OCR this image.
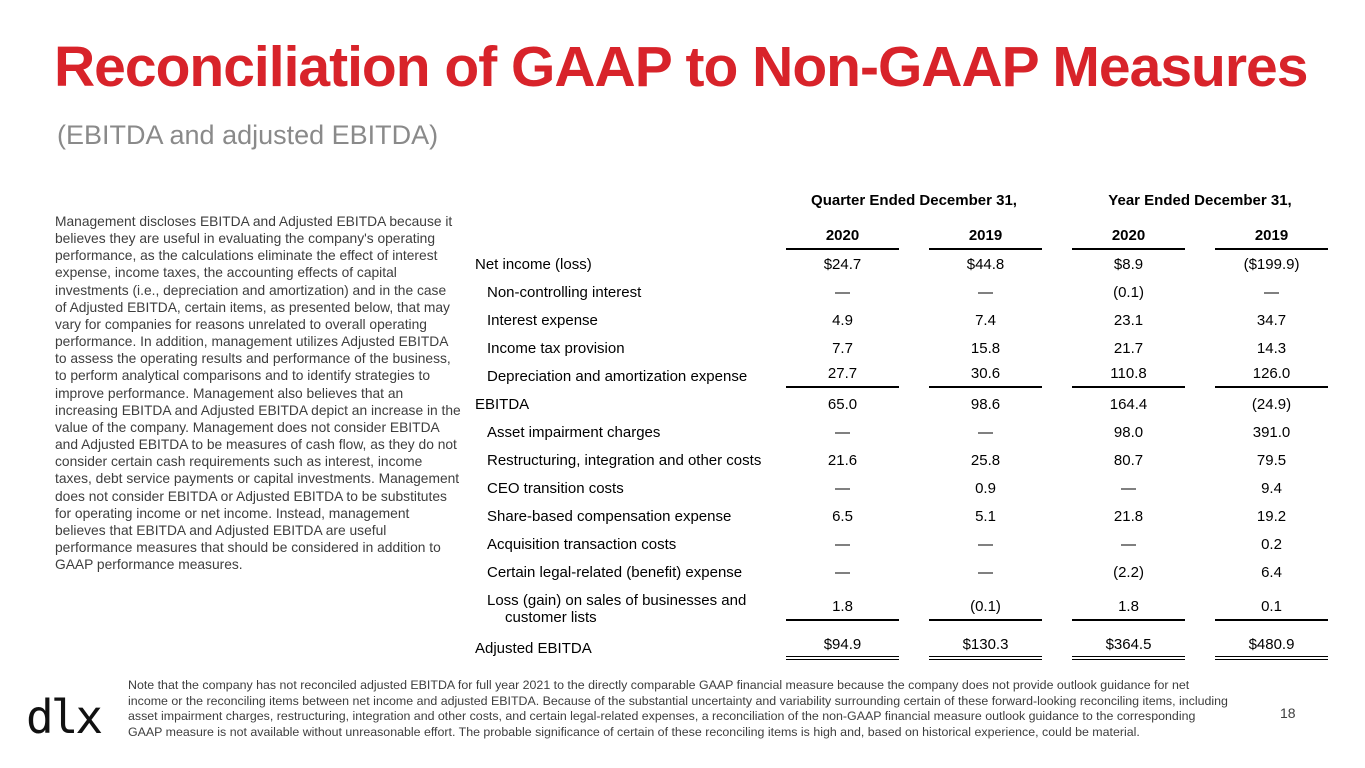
Reconciliation of GAAP to Non-GAAP Measures
(EBITDA and adjusted EBITDA)
Management discloses EBITDA and Adjusted EBITDA because it believes they are useful in evaluating the company's operating performance, as the calculations eliminate the effect of interest expense, income taxes, the accounting effects of capital investments (i.e., depreciation and amortization) and in the case of Adjusted EBITDA, certain items, as presented below, that may vary for companies for reasons unrelated to overall operating performance. In addition, management utilizes Adjusted EBITDA to assess the operating results and performance of the business, to perform analytical comparisons and to identify strategies to improve performance. Management also believes that an increasing EBITDA and Adjusted EBITDA depict an increase in the value of the company. Management does not consider EBITDA and Adjusted EBITDA to be measures of cash flow, as they do not consider certain cash requirements such as interest, income taxes, debt service payments or capital investments. Management does not consider EBITDA or Adjusted EBITDA to be substitutes for operating income or net income. Instead, management believes that EBITDA and Adjusted EBITDA are useful performance measures that should be considered in addition to GAAP performance measures.
	Quarter Ended December 31,		Year Ended December 31,	

	2020	2019	2020	2019

Net income (loss)	$24.7	$44.8	$8.9	($199.9)

Non-controlling interest	—	—	(0.1)	—

Interest expense	4.9	7.4	23.1	34.7

Income tax provision	7.7	15.8	21.7	14.3

Depreciation and amortization expense	27.7	30.6	110.8	126.0

EBITDA	65.0	98.6	164.4	(24.9)

Asset impairment charges	—	—	98.0	391.0

Restructuring, integration and other costs	21.6	25.8	80.7	79.5

CEO transition costs	—	0.9	—	9.4

Share-based compensation expense	6.5	5.1	21.8	19.2

Acquisition transaction costs	—	—	—	0.2

Certain legal-related (benefit) expense	—	—	(2.2)	6.4

Loss (gain) on sales of businesses and customer lists	1.8	(0.1)	1.8	0.1

Adjusted EBITDA	$94.9	$130.3	$364.5	$480.9
Note that the company has not reconciled adjusted EBITDA for full year 2021 to the directly comparable GAAP financial measure because the company does not provide outlook guidance for net income or the reconciling items between net income and adjusted EBITDA. Because of the substantial uncertainty and variability surrounding certain of these forward-looking reconciling items, including asset impairment charges, restructuring, integration and other costs, and certain legal-related expenses, a reconciliation of the non-GAAP financial measure outlook guidance to the corresponding GAAP measure is not available without unreasonable effort. The probable significance of certain of these reconciling items is high and, based on historical experience, could be material.
dlx	18
